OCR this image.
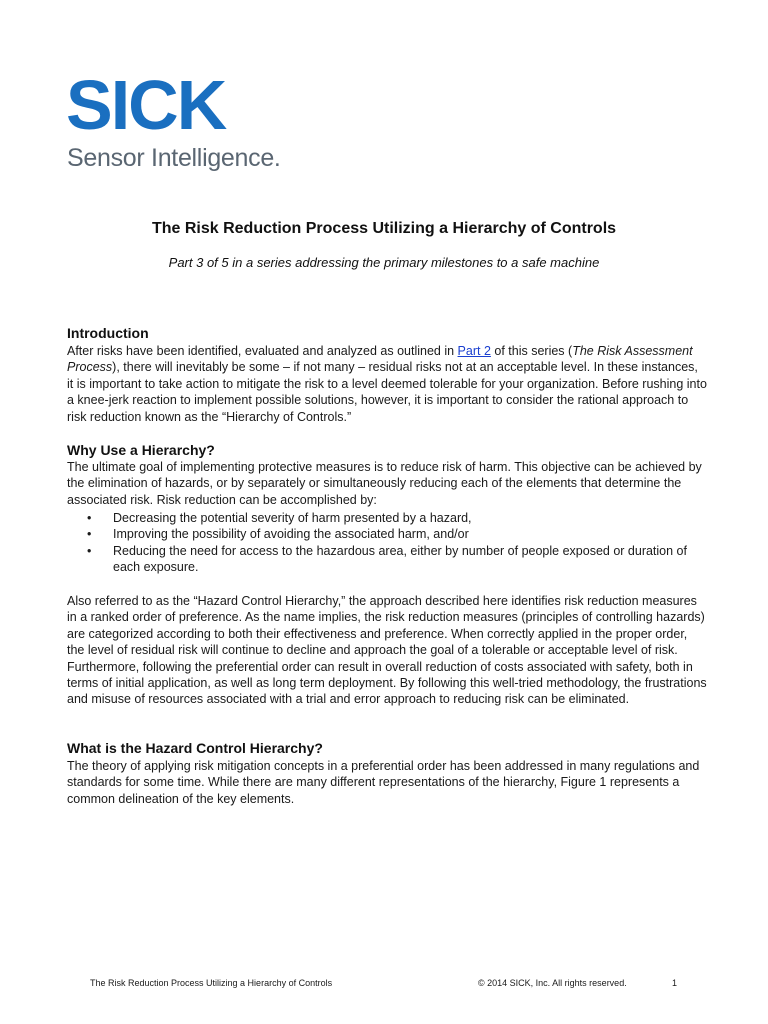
SICK
Sensor Intelligence.
The Risk Reduction Process Utilizing a Hierarchy of Controls
Part 3 of 5 in a series addressing the primary milestones to a safe machine
Introduction
After risks have been identified, evaluated and analyzed as outlined in Part 2 of this series (The Risk Assessment Process), there will inevitably be some – if not many – residual risks not at an acceptable level. In these instances, it is important to take action to mitigate the risk to a level deemed tolerable for your organization. Before rushing into a knee-jerk reaction to implement possible solutions, however, it is important to consider the rational approach to risk reduction known as the “Hierarchy of Controls.”
Why Use a Hierarchy?
The ultimate goal of implementing protective measures is to reduce risk of harm. This objective can be achieved by the elimination of hazards, or by separately or simultaneously reducing each of the elements that determine the associated risk. Risk reduction can be accomplished by:
• Decreasing the potential severity of harm presented by a hazard,
• Improving the possibility of avoiding the associated harm, and/or
• Reducing the need for access to the hazardous area, either by number of people exposed or duration of each exposure.
Also referred to as the “Hazard Control Hierarchy,” the approach described here identifies risk reduction measures in a ranked order of preference. As the name implies, the risk reduction measures (principles of controlling hazards) are categorized according to both their effectiveness and preference. When correctly applied in the proper order, the level of residual risk will continue to decline and approach the goal of a tolerable or acceptable level of risk. Furthermore, following the preferential order can result in overall reduction of costs associated with safety, both in terms of initial application, as well as long term deployment. By following this well-tried methodology, the frustrations and misuse of resources associated with a trial and error approach to reducing risk can be eliminated.
What is the Hazard Control Hierarchy?
The theory of applying risk mitigation concepts in a preferential order has been addressed in many regulations and standards for some time. While there are many different representations of the hierarchy, Figure 1 represents a common delineation of the key elements.
The Risk Reduction Process Utilizing a Hierarchy of Controls	© 2014 SICK, Inc. All rights reserved.	1
